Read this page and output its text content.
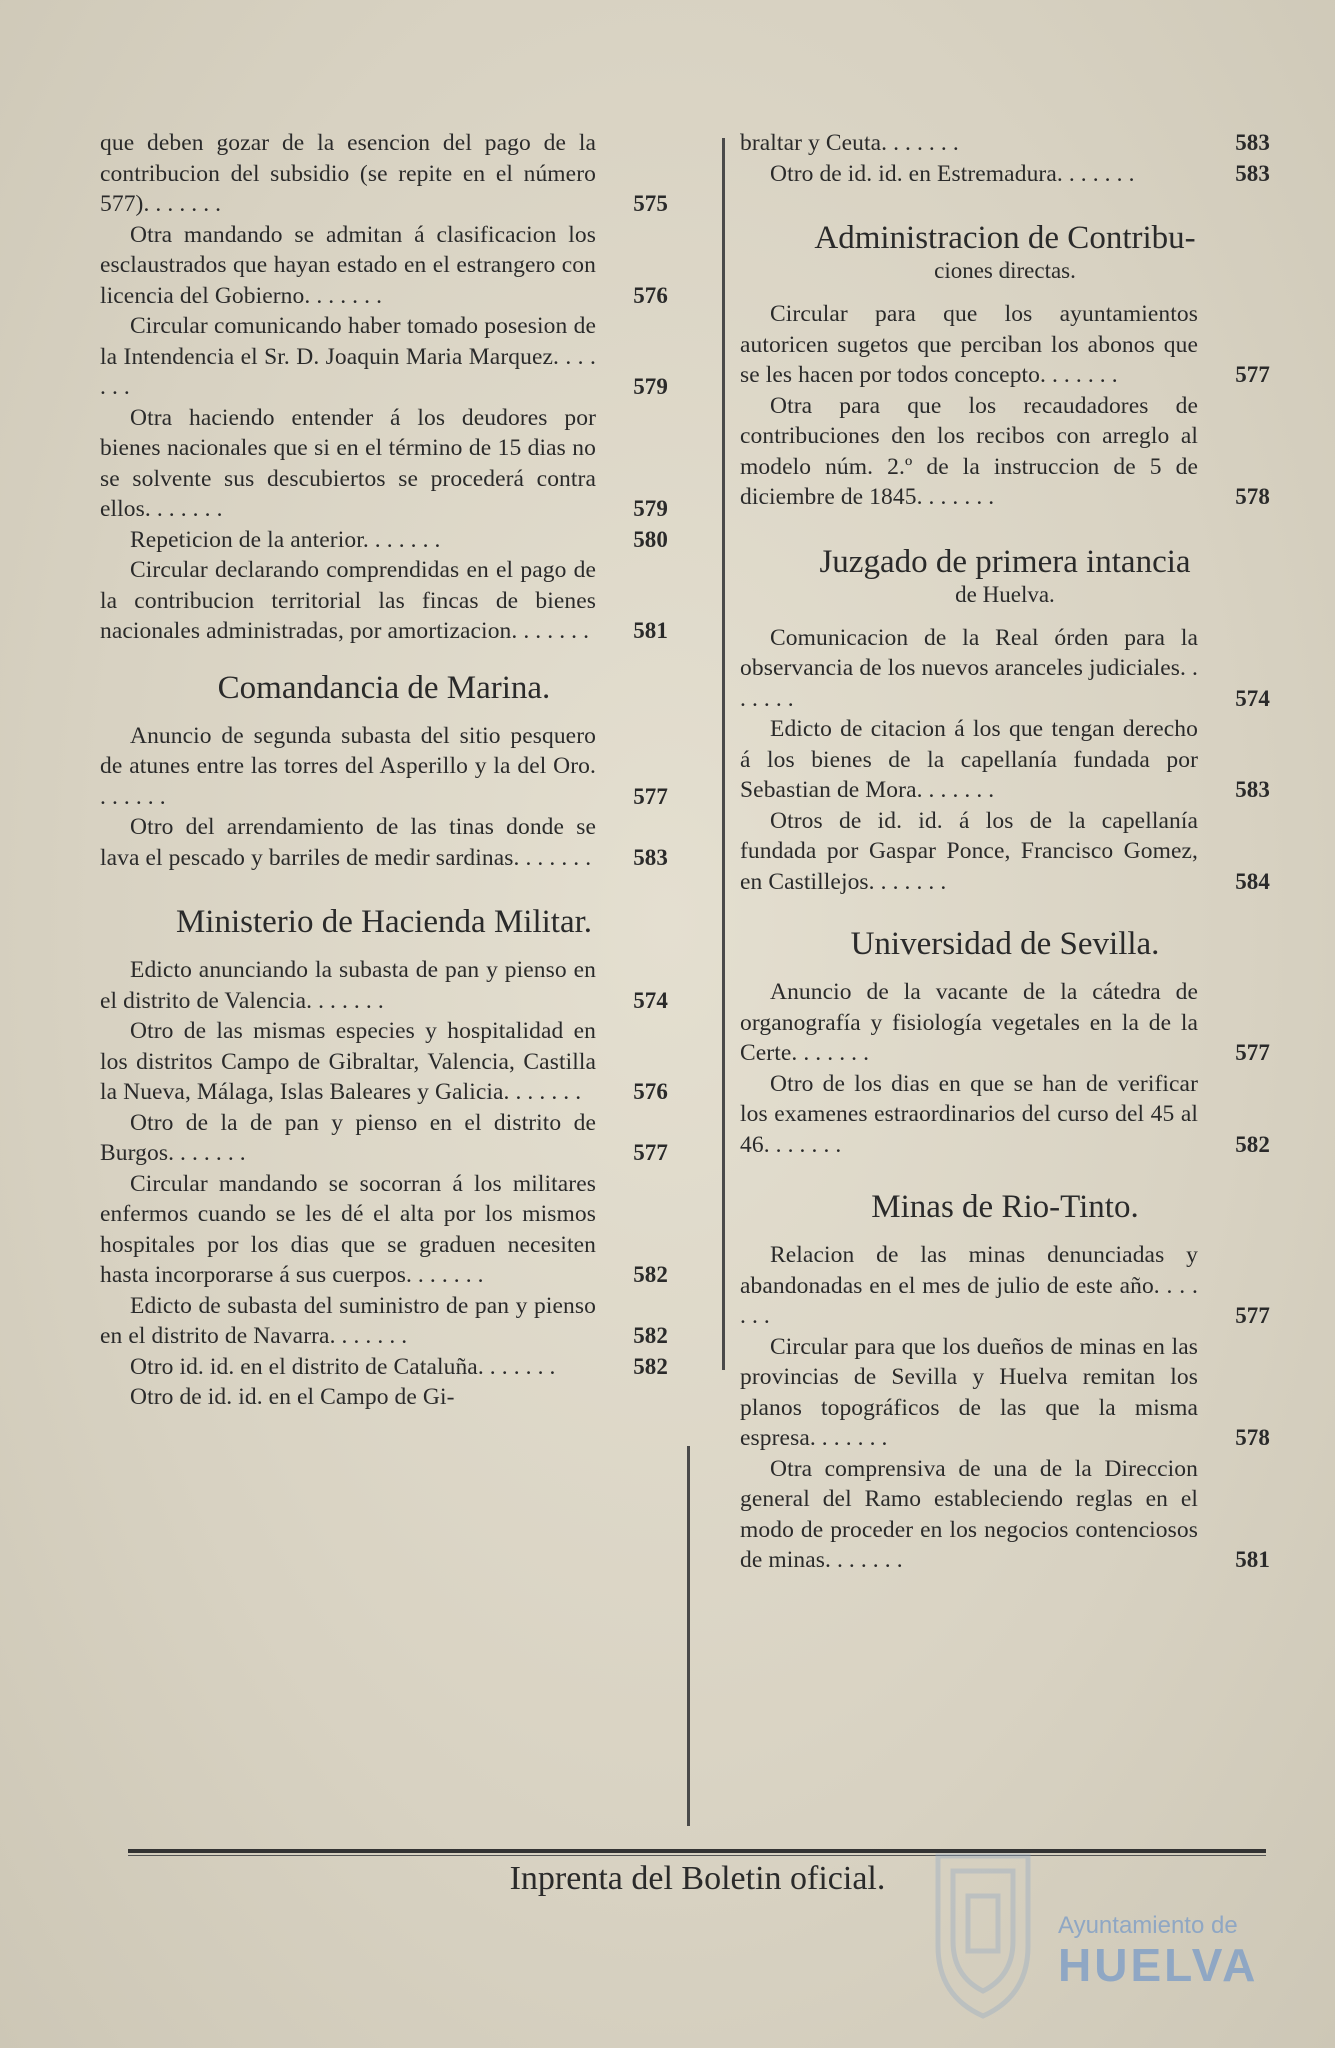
que deben gozar de la esencion del pago de la contribucion del subsidio (se repite en el número 577). . . . . . .	575

Otra mandando se admitan á clasificacion los esclaustrados que hayan estado en el estrangero con licencia del Gobierno. . . . . . .	576

Circular comunicando haber tomado posesion de la Intendencia el Sr. D. Joaquin Maria Marquez. . . . . . .	579

Otra haciendo entender á los deudores por bienes nacionales que si en el término de 15 dias no se solvente sus descubiertos se procederá contra ellos. . . . . . .	579

Repeticion de la anterior. . . . . . .	580

Circular declarando comprendidas en el pago de la contribucion territorial las fincas de bienes nacionales administradas, por amortizacion. . . . . . .	581

Comandancia de Marina.

Anuncio de segunda subasta del sitio pesquero de atunes entre las torres del Asperillo y la del Oro. . . . . . .	577

Otro del arrendamiento de las tinas donde se lava el pescado y barriles de medir sardinas. . . . . . .	583

Ministerio de Hacienda Militar.

Edicto anunciando la subasta de pan y pienso en el distrito de Valencia. . . . . . .	574

Otro de las mismas especies y hospitalidad en los distritos Campo de Gibraltar, Valencia, Castilla la Nueva, Málaga, Islas Baleares y Galicia. . . . . . .	576

Otro de la de pan y pienso en el distrito de Burgos. . . . . . .	577

Circular mandando se socorran á los militares enfermos cuando se les dé el alta por los mismos hospitales por los dias que se graduen necesiten hasta incorporarse á sus cuerpos. . . . . . .	582

Edicto de subasta del suministro de pan y pienso en el distrito de Navarra. . . . . . .	582

Otro id. id. en el distrito de Cataluña. . . . . . .	582

Otro de id. id. en el Campo de Gi-

braltar y Ceuta. . . . . . .	583

Otro de id. id. en Estremadura. . . . . . .	583

Administracion de Contribu-
ciones directas.

Circular para que los ayuntamientos autoricen sugetos que perciban los abonos que se les hacen por todos concepto. . . . . . .	577

Otra para que los recaudadores de contribuciones den los recibos con arreglo al modelo núm. 2.º de la instruccion de 5 de diciembre de 1845. . . . . . .	578

Juzgado de primera intancia
de Huelva.

Comunicacion de la Real órden para la observancia de los nuevos aranceles judiciales. . . . . . .	574

Edicto de citacion á los que tengan derecho á los bienes de la capellanía fundada por Sebastian de Mora. . . . . . .	583

Otros de id. id. á los de la capellanía fundada por Gaspar Ponce, Francisco Gomez, en Castillejos. . . . . . .	584

Universidad de Sevilla.

Anuncio de la vacante de la cátedra de organografía y fisiología vegetales en la de la Certe. . . . . . .	577

Otro de los dias en que se han de verificar los examenes estraordinarios del curso del 45 al 46. . . . . . .	582

Minas de Rio-Tinto.

Relacion de las minas denunciadas y abandonadas en el mes de julio de este año. . . . . . .	577

Circular para que los dueños de minas en las provincias de Sevilla y Huelva remitan los planos topográficos de las que la misma espresa. . . . . . .	578

Otra comprensiva de una de la Direccion general del Ramo estableciendo reglas en el modo de proceder en los negocios contenciosos de minas. . . . . . .	581

Inprenta del Boletin oficial.
Ayuntamiento de
HUELVA
